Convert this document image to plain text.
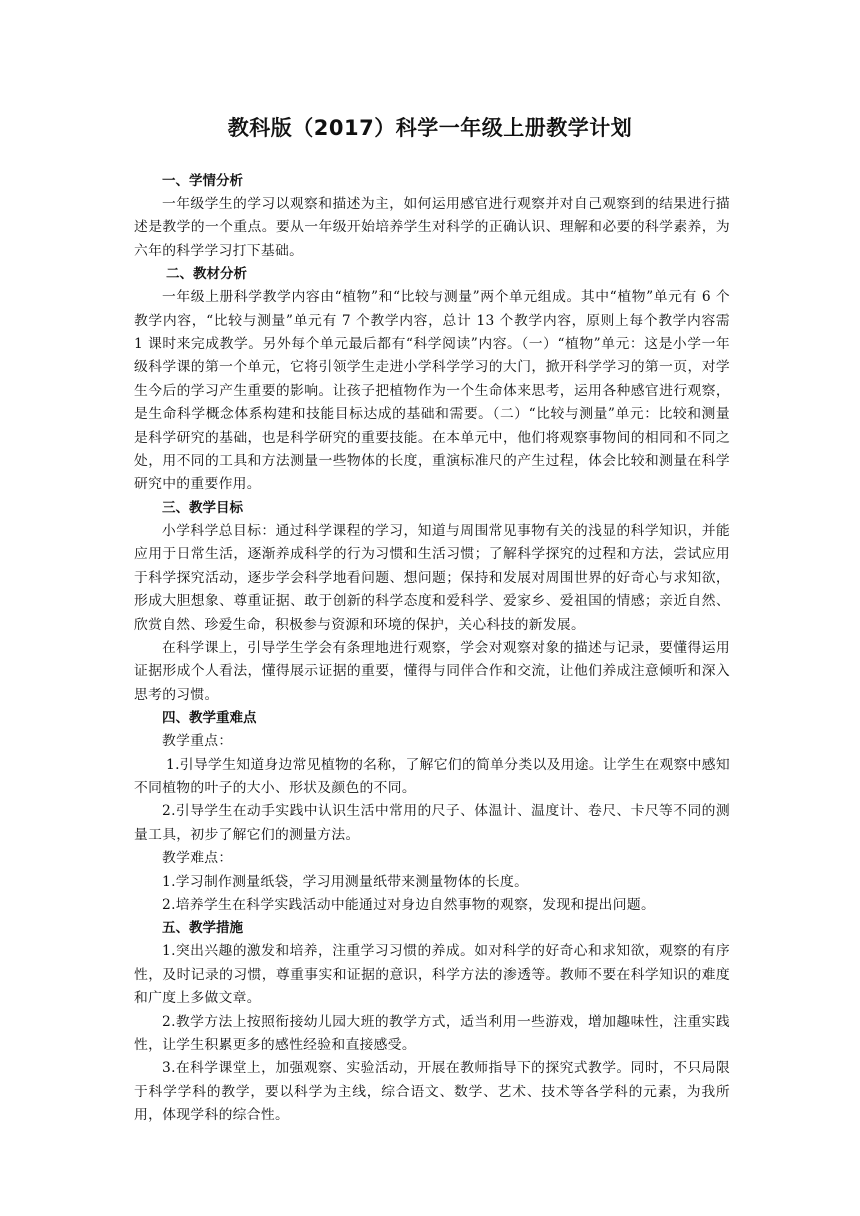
教科版（2017）科学一年级上册教学计划
一、学情分析

一年级学生的学习以观察和描述为主，如何运用感官进行观察并对自己观察到的结果进行描述是教学的一个重点。要从一年级开始培养学生对科学的正确认识、理解和必要的科学素养，为六年的科学学习打下基础。

二、教材分析

一年级上册科学教学内容由“植物”和“比较与测量”两个单元组成。其中“植物”单元有 6 个教学内容，“比较与测量”单元有 7 个教学内容，总计 13 个教学内容，原则上每个教学内容需 1 课时来完成教学。另外每个单元最后都有“科学阅读”内容。（一）“植物”单元：这是小学一年级科学课的第一个单元，它将引领学生走进小学科学学习的大门，掀开科学学习的第一页，对学生今后的学习产生重要的影响。让孩子把植物作为一个生命体来思考，运用各种感官进行观察，是生命科学概念体系构建和技能目标达成的基础和需要。（二）“比较与测量”单元：比较和测量是科学研究的基础，也是科学研究的重要技能。在本单元中，他们将观察事物间的相同和不同之处，用不同的工具和方法测量一些物体的长度，重演标准尺的产生过程，体会比较和测量在科学研究中的重要作用。

三、教学目标

小学科学总目标：通过科学课程的学习，知道与周围常见事物有关的浅显的科学知识，并能应用于日常生活，逐渐养成科学的行为习惯和生活习惯；了解科学探究的过程和方法，尝试应用于科学探究活动，逐步学会科学地看问题、想问题；保持和发展对周围世界的好奇心与求知欲，形成大胆想象、尊重证据、敢于创新的科学态度和爱科学、爱家乡、爱祖国的情感；亲近自然、欣赏自然、珍爱生命，积极参与资源和环境的保护，关心科技的新发展。

在科学课上，引导学生学会有条理地进行观察，学会对观察对象的描述与记录，要懂得运用证据形成个人看法，懂得展示证据的重要，懂得与同伴合作和交流，让他们养成注意倾听和深入思考的习惯。

四、教学重难点

教学重点：

1.引导学生知道身边常见植物的名称，了解它们的简单分类以及用途。让学生在观察中感知不同植物的叶子的大小、形状及颜色的不同。

2.引导学生在动手实践中认识生活中常用的尺子、体温计、温度计、卷尺、卡尺等不同的测量工具，初步了解它们的测量方法。

教学难点：

1.学习制作测量纸袋，学习用测量纸带来测量物体的长度。

2.培养学生在科学实践活动中能通过对身边自然事物的观察，发现和提出问题。

五、教学措施

1.突出兴趣的激发和培养，注重学习习惯的养成。如对科学的好奇心和求知欲，观察的有序性，及时记录的习惯，尊重事实和证据的意识，科学方法的渗透等。教师不要在科学知识的难度和广度上多做文章。

2.教学方法上按照衔接幼儿园大班的教学方式，适当利用一些游戏，增加趣味性，注重实践性，让学生积累更多的感性经验和直接感受。

3.在科学课堂上，加强观察、实验活动，开展在教师指导下的探究式教学。同时，不只局限于科学学科的教学，要以科学为主线，综合语文、数学、艺术、技术等各学科的元素，为我所用，体现学科的综合性。
